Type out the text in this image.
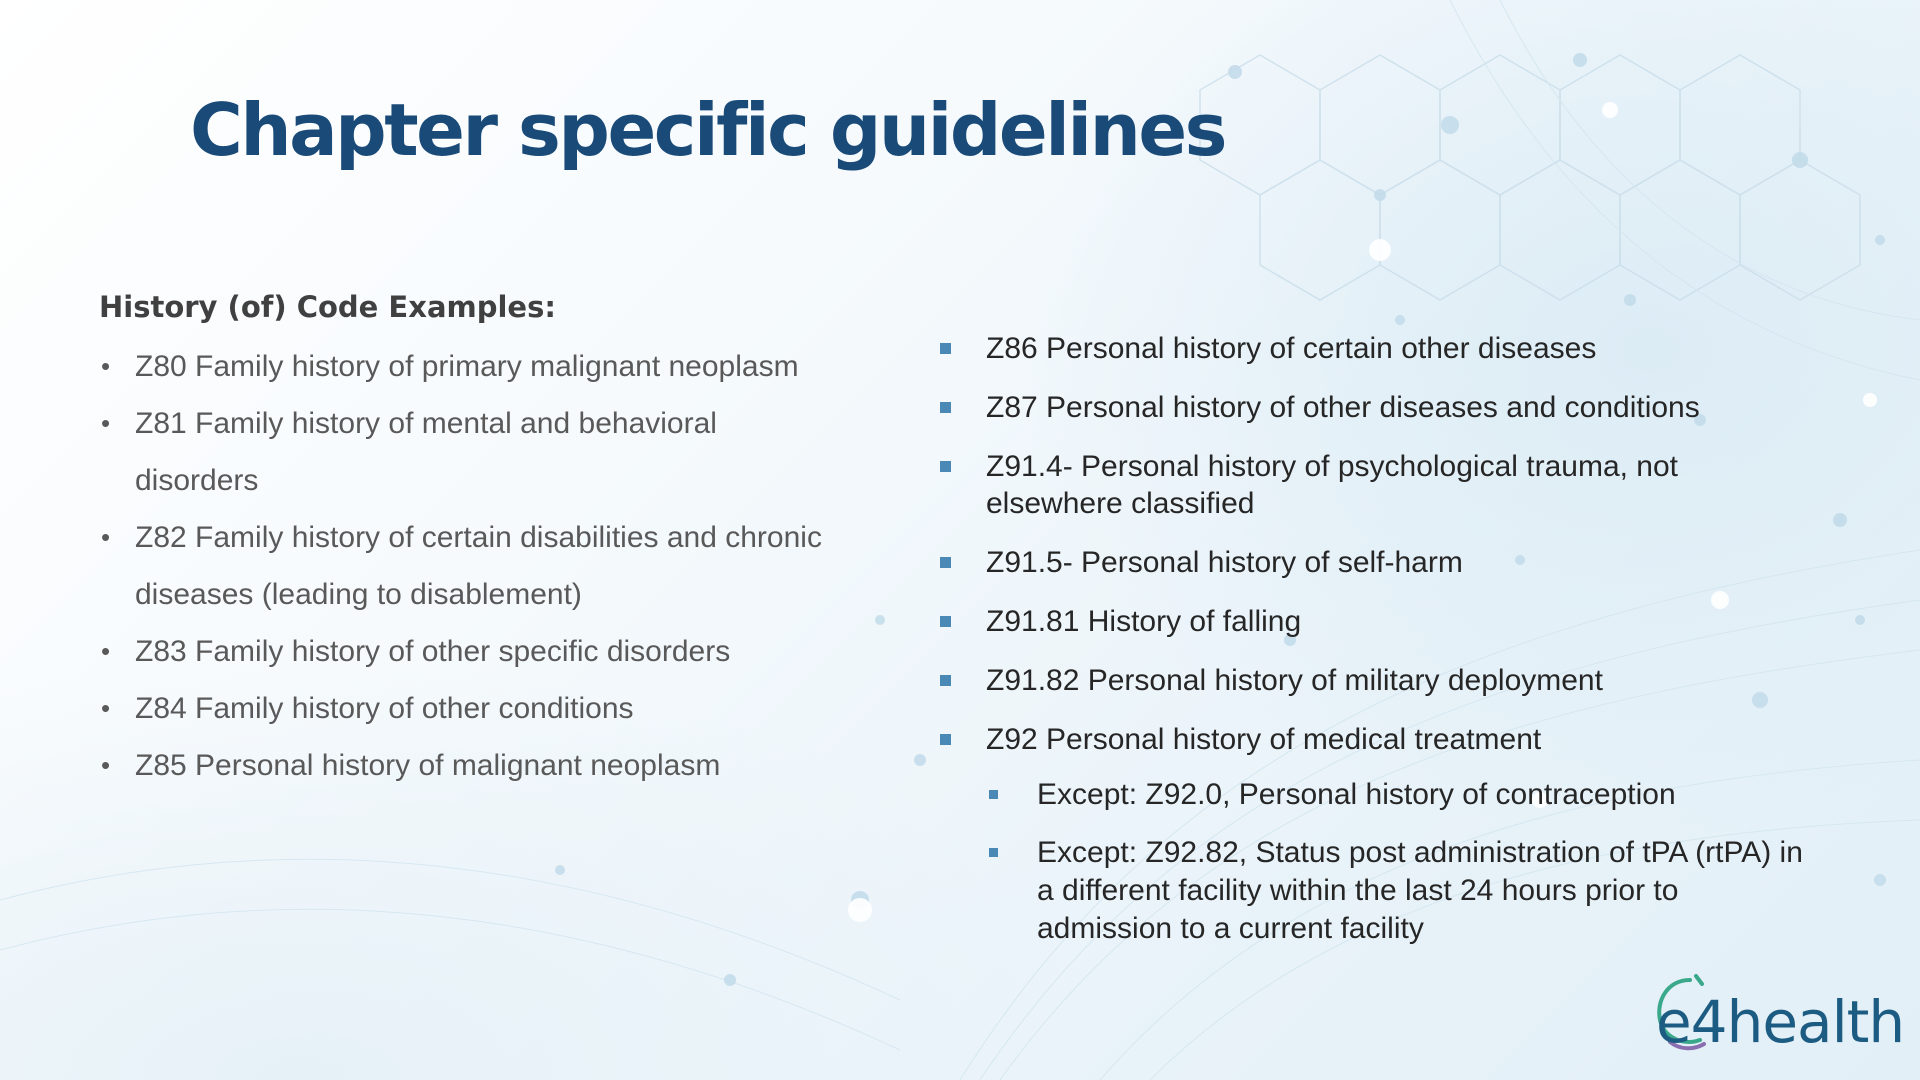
Chapter specific guidelines
History (of) Code Examples:
• Z80 Family history of primary malignant neoplasm
• Z81 Family history of mental and behavioral
disorders
• Z82 Family history of certain disabilities and chronic
diseases (leading to disablement)
• Z83 Family history of other specific disorders
• Z84 Family history of other conditions
• Z85 Personal history of malignant neoplasm
Z86 Personal history of certain other diseases
Z87 Personal history of other diseases and conditions
Z91.4- Personal history of psychological trauma, not
elsewhere classified
Z91.5- Personal history of self-harm
Z91.81 History of falling
Z91.82 Personal history of military deployment
Z92 Personal history of medical treatment
Except: Z92.0, Personal history of contraception
Except: Z92.82, Status post administration of tPA (rtPA) in
a different facility within the last 24 hours prior to
admission to a current facility
e4health
